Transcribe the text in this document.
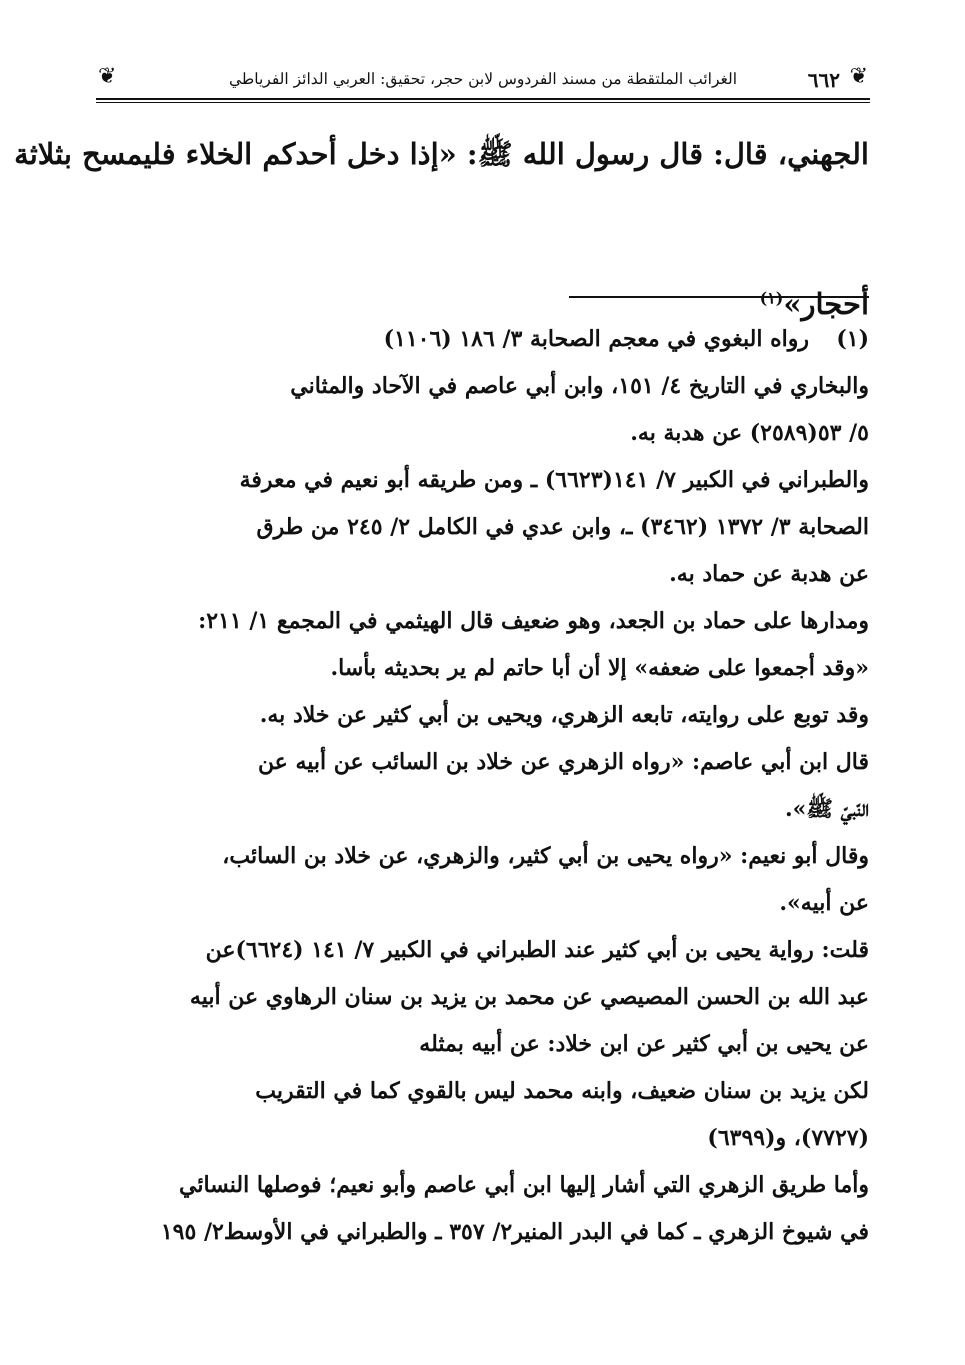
❦
٦٦٢
الغرائب الملتقطة من مسند الفردوس لابن حجر، تحقيق: العربي الدائز الفرياطي
❦
الجهني، قال: قال رسول الله ﷺ: «إذا دخل أحدكم الخلاء فليمسح بثلاثة
أحجار»$^{(١)}$
(١)رواه البغوي في معجم الصحابة ٣/ ١٨٦ (١١٠٦)
والبخاري في التاريخ ٤/ ١٥١، وابن أبي عاصم في الآحاد والمثاني
٥/ ٥٣(٢٥٨٩) عن هدبة به.
والطبراني في الكبير ٧/ ١٤١(٦٦٢٣) ـ ومن طريقه أبو نعيم في معرفة
الصحابة ٣/ ١٣٧٢ (٣٤٦٢) ـ، وابن عدي في الكامل ٢/ ٢٤٥ من طرق
عن هدبة عن حماد به.
ومدارها على حماد بن الجعد، وهو ضعيف قال الهيثمي في المجمع ١/ ٢١١:
«وقد أجمعوا على ضعفه» إلا أن أبا حاتم لم ير بحديثه بأسا.
وقد توبع على روايته، تابعه الزهري، ويحيى بن أبي كثير عن خلاد به.
قال ابن أبي عاصم: «رواه الزهري عن خلاد بن السائب عن أبيه عن
النّبيّ ﷺ».
وقال أبو نعيم: «رواه يحيى بن أبي كثير، والزهري، عن خلاد بن السائب،
عن أبيه».
قلت: رواية يحيى بن أبي كثير عند الطبراني في الكبير ٧/ ١٤١ (٦٦٢٤)عن
عبد الله بن الحسن المصيصي عن محمد بن يزيد بن سنان الرهاوي عن أبيه
عن يحيى بن أبي كثير عن ابن خلاد: عن أبيه بمثله
لكن يزيد بن سنان ضعيف، وابنه محمد ليس بالقوي كما في التقريب
(٧٧٢٧)، و(٦٣٩٩)
وأما طريق الزهري التي أشار إليها ابن أبي عاصم وأبو نعيم؛ فوصلها النسائي
في شيوخ الزهري ـ كما في البدر المنير٢/ ٣٥٧ ـ والطبراني في الأوسط٢/ ١٩٥
